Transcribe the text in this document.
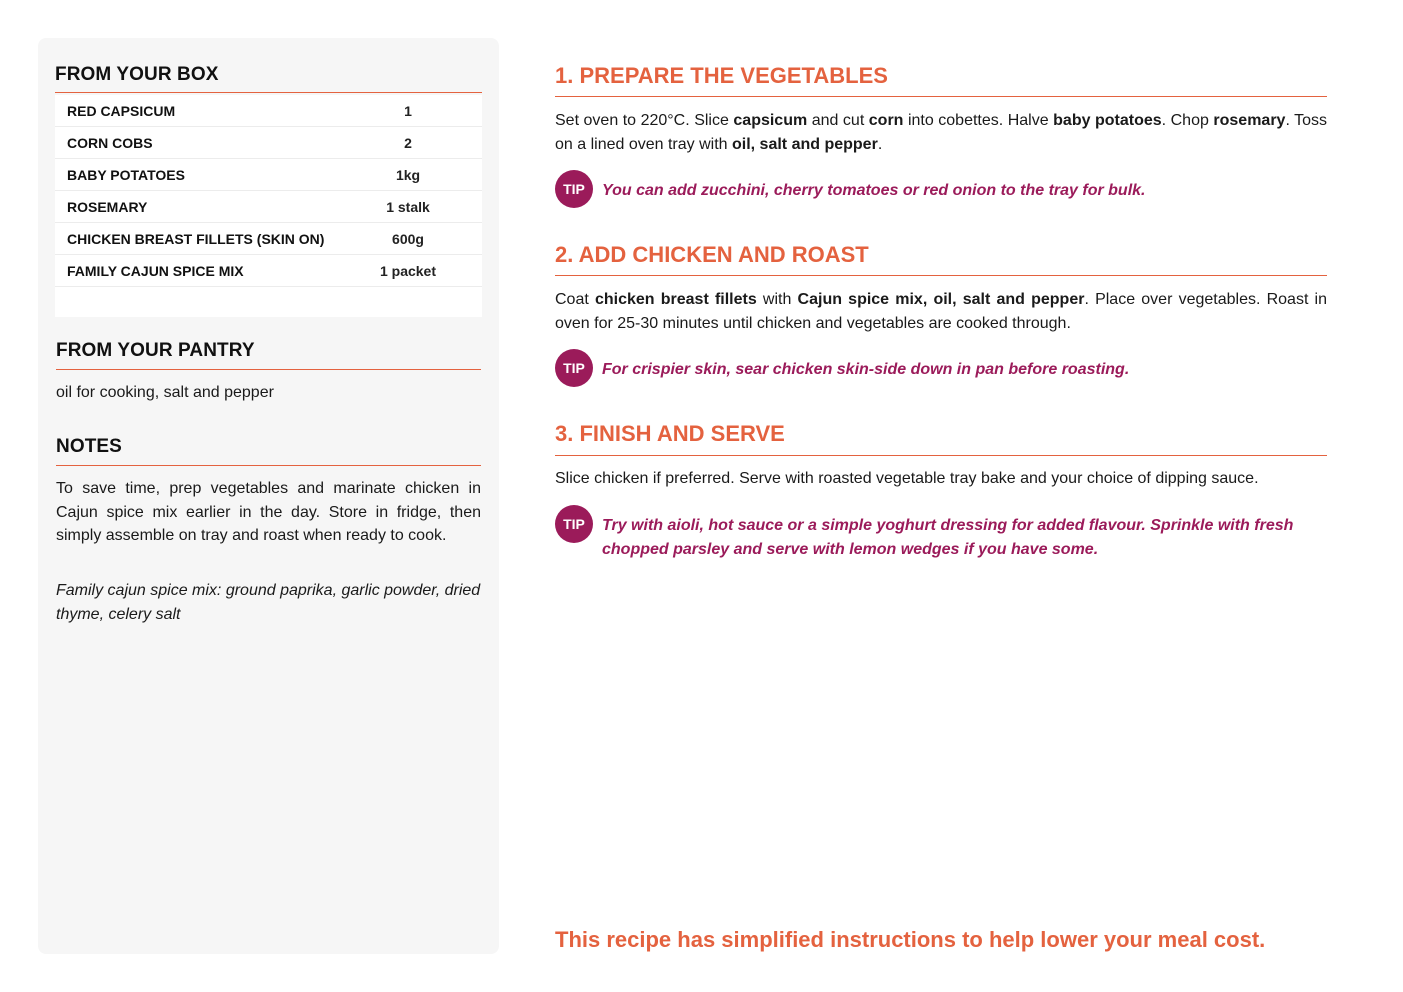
FROM YOUR BOX
RED CAPSICUM	1
CORN COBS	2
BABY POTATOES	1kg
ROSEMARY	1 stalk
CHICKEN BREAST FILLETS (SKIN ON)	600g
FAMILY CAJUN SPICE MIX	1 packet
FROM YOUR PANTRY
oil for cooking, salt and pepper
NOTES
To save time, prep vegetables and marinate chicken in Cajun spice mix earlier in the day. Store in fridge, then simply assemble on tray and roast when ready to cook.
Family cajun spice mix: ground paprika, garlic powder, dried thyme, celery salt
1. PREPARE THE VEGETABLES
Set oven to 220°C. Slice capsicum and cut corn into cobettes. Halve baby potatoes. Chop rosemary. Toss on a lined oven tray with oil, salt and pepper.
TIP	You can add zucchini, cherry tomatoes or red onion to the tray for bulk.
2. ADD CHICKEN AND ROAST
Coat chicken breast fillets with Cajun spice mix, oil, salt and pepper. Place over vegetables. Roast in oven for 25-30 minutes until chicken and vegetables are cooked through.
TIP	For crispier skin, sear chicken skin-side down in pan before roasting.
3. FINISH AND SERVE
Slice chicken if preferred. Serve with roasted vegetable tray bake and your choice of dipping sauce.
TIP	Try with aioli, hot sauce or a simple yoghurt dressing for added flavour. Sprinkle with fresh chopped parsley and serve with lemon wedges if you have some.
This recipe has simplified instructions to help lower your meal cost.
